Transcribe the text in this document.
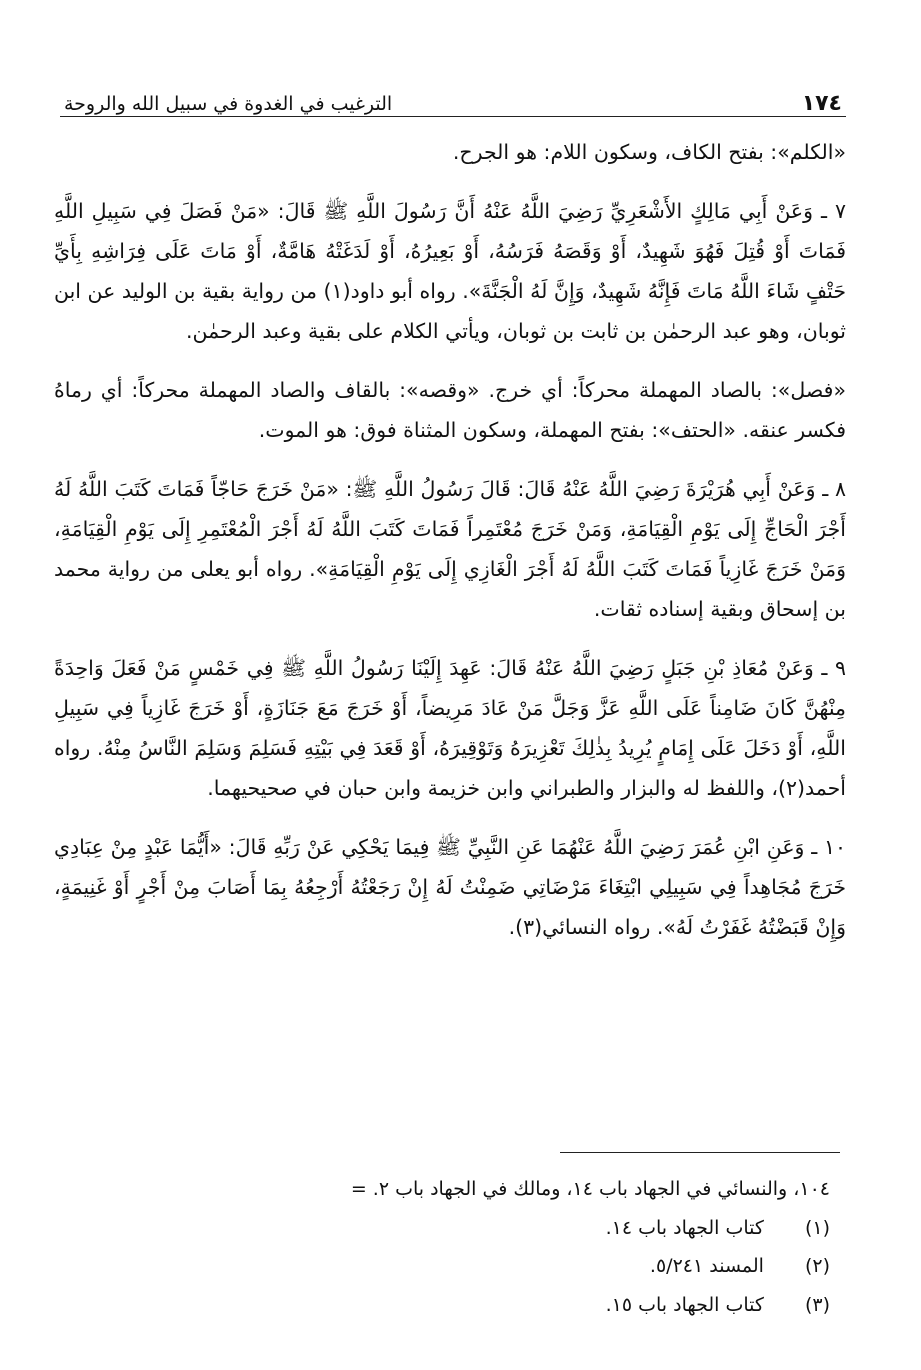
١٧٤
الترغيب في الغدوة في سبيل الله والروحة

«الكلم»: بفتح الكاف، وسكون اللام: هو الجرح.

٧ ـ وَعَنْ أَبِي مَالِكٍ الأَشْعَرِيِّ رَضِيَ اللَّهُ عَنْهُ أَنَّ رَسُولَ اللَّهِ ﷺ قَالَ: «مَنْ فَصَلَ فِي سَبِيلِ اللَّهِ فَمَاتَ أَوْ قُتِلَ فَهُوَ شَهِيدٌ، أَوْ وَقَصَهُ فَرَسُهُ، أَوْ بَعِيرُهُ، أَوْ لَدَغَتْهُ هَامَّةٌ، أَوْ مَاتَ عَلَى فِرَاشِهِ بِأَيِّ حَتْفٍ شَاءَ اللَّهُ مَاتَ فَإِنَّهُ شَهِيدٌ، وَإِنَّ لَهُ الْجَنَّةَ». رواه أبو داود(١) من رواية بقية بن الوليد عن ابن ثوبان، وهو عبد الرحمٰن بن ثابت بن ثوبان، ويأتي الكلام على بقية وعبد الرحمٰن.

«فصل»: بالصاد المهملة محركاً: أي خرج. «وقصه»: بالقاف والصاد المهملة محركاً: أي رماهُ فكسر عنقه. «الحتف»: بفتح المهملة، وسكون المثناة فوق: هو الموت.

٨ ـ وَعَنْ أَبِي هُرَيْرَةَ رَضِيَ اللَّهُ عَنْهُ قَالَ: قَالَ رَسُولُ اللَّهِ ﷺ: «مَنْ خَرَجَ حَاجّاً فَمَاتَ كَتَبَ اللَّهُ لَهُ أَجْرَ الْحَاجِّ إِلَى يَوْمِ الْقِيَامَةِ، وَمَنْ خَرَجَ مُعْتَمِراً فَمَاتَ كَتَبَ اللَّهُ لَهُ أَجْرَ الْمُعْتَمِرِ إِلَى يَوْمِ الْقِيَامَةِ، وَمَنْ خَرَجَ غَازِياً فَمَاتَ كَتَبَ اللَّهُ لَهُ أَجْرَ الْغَازِي إِلَى يَوْمِ الْقِيَامَةِ». رواه أبو يعلى من رواية محمد بن إسحاق وبقية إسناده ثقات.

٩ ـ وَعَنْ مُعَاذِ بْنِ جَبَلٍ رَضِيَ اللَّهُ عَنْهُ قَالَ: عَهِدَ إِلَيْنَا رَسُولُ اللَّهِ ﷺ فِي خَمْسٍ مَنْ فَعَلَ وَاحِدَةً مِنْهُنَّ كَانَ ضَامِناً عَلَى اللَّهِ عَزَّ وَجَلَّ مَنْ عَادَ مَرِيضاً، أَوْ خَرَجَ مَعَ جَنَازَةٍ، أَوْ خَرَجَ غَازِياً فِي سَبِيلِ اللَّهِ، أَوْ دَخَلَ عَلَى إِمَامٍ يُرِيدُ بِذٰلِكَ تَعْزِيرَهُ وَتَوْقِيرَهُ، أَوْ قَعَدَ فِي بَيْتِهِ فَسَلِمَ وَسَلِمَ النَّاسُ مِنْهُ. رواه أحمد(٢)، واللفظ له والبزار والطبراني وابن خزيمة وابن حبان في صحيحيهما.

١٠ ـ وَعَنِ ابْنِ عُمَرَ رَضِيَ اللَّهُ عَنْهُمَا عَنِ النَّبِيِّ ﷺ فِيمَا يَحْكِي عَنْ رَبِّهِ قَالَ: «أَيُّمَا عَبْدٍ مِنْ عِبَادِي خَرَجَ مُجَاهِداً فِي سَبِيلِي ابْتِغَاءَ مَرْضَاتِي ضَمِنْتُ لَهُ إِنْ رَجَعْتُهُ أَرْجِعُهُ بِمَا أَصَابَ مِنْ أَجْرٍ أَوْ غَنِيمَةٍ، وَإِنْ قَبَضْتُهُ غَفَرْتُ لَهُ». رواه النسائي(٣).

١٠٤، والنسائي في الجهاد باب ١٤، ومالك في الجهاد باب ٢. =
(١) كتاب الجهاد باب ١٤.
(٢) المسند ٥/٢٤١.
(٣) كتاب الجهاد باب ١٥.
